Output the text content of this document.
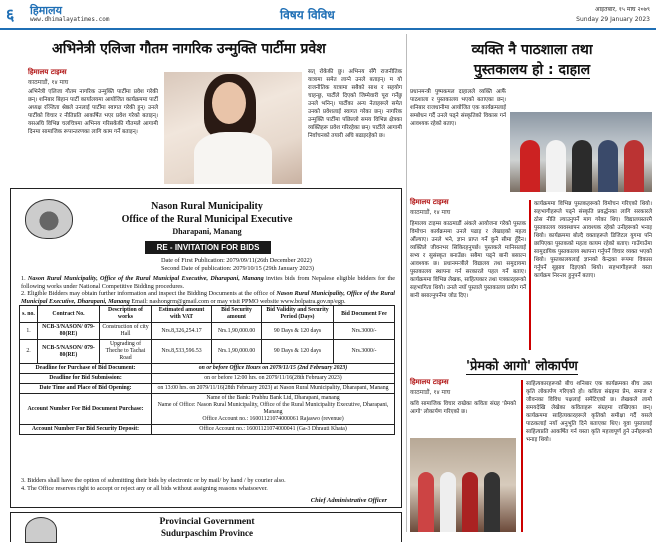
६ हिमालय
www.dhimalayatimes.com	विषय विविध	आइतबार, १५ माघ २०७९
Sunday 29 January 2023
अभिनेत्री एलिजा गौतम नागरिक उन्मुक्ति पार्टीमा प्रवेश
हिमालय टाइम्स
काठमाडौं, १४ माघ
अभिनेत्री एलिजा गौतम नागरिक उन्मुक्ति पार्टीमा प्रवेश गरेकी छन्। शनिबार बिहान पार्टी कार्यालयमा आयोजित कार्यक्रममा पार्टी अध्यक्ष रञ्जिता श्रेष्ठले उनलाई पार्टीमा स्वागत गरेकी हुन्। उनले पार्टीको विचार र नीतिप्रति आकर्षित भएर प्रवेश गरेको बताइन्। यसअघि विभिन्न चलचित्रमा अभिनय गरिसकेकी गौतमले आगामी दिनमा सामाजिक रूपान्तरणका लागि काम गर्ने बताइन्।
सत् रोकेकी छु। अभिनय सँगै राजनीतिक यात्रामा समेत लाग्ने उनले बताइन्। म यो राजनीतिक यात्रामा सबैको साथ र सहयोग चाहन्छु, पार्टीले दिएको जिम्मेवारी पूरा गर्नेछु उनले भनिन्। पार्टीका अन्य नेताहरूले समेत उनको प्रवेशलाई स्वागत गरेका छन्। नागरिक उन्मुक्ति पार्टीमा पछिल्लो समय विभिन्न क्षेत्रका व्यक्तिहरू प्रवेश गरिरहेका छन्। पार्टीले आगामी निर्वाचनको तयारी अघि बढाइरहेको छ।
Nason Rural Municipality
Office of the Rural Municipal Executive
Dharapani, Manang
RE - INVITATION FOR BIDS
Date of First Publication: 2079/09/11(26th December 2022)
Second Date of publication: 2079/10/15 (29th January 2023)
1. Nason Rural Municipality, Office of the Rural Municipal Executive, Dharapani, Manang invites bids from Nepalese eligible bidders for the following works under National Competitive Bidding procedures.
2. Eligible Bidders may obtain further information and inspect the Bidding Documents at the office of Nason Rural Municipality, Office of the Rural Municipal Executive, Dharapani, Manang Email: nashongrm@gmail.com or may visit PPMO website www.bolpatra.gov.np/egp.
s. no.	Contract No.	Description of works	Estimated amount with VAT	Bid Security amount	Bid Validity and Security Period (Days)	Bid Document Fee
1.	NCB-3/NASON/ 079-80(RE)	Construction of city Hall	Nrs.8,326,254.17	Nrs.1,90,000.00	90 Days & 120 days	Nrs.3000/-
2.	NCB-5/NASON/ 079-80(RE)	Upgrading of Theche to Tachai Road	Nrs.8,533,596.53	Nrs.1,90,000.00	90 Days & 120 days	Nrs.3000/-
Deadline for Purchase of Bid Document:			on or before Office Hours on 2079/11/15 (2nd February 2023)			
Deadline for Bid Submission:			on or before 12:00 hrs. on 2079/11/16(28th February 2023)			
Date Time and Place of Bid Opening:			on 13:00 hrs. on 2079/11/16(28th February 2023) at Nason Rural Municipality, Dharapani, Manang			
Account Number For Bid Document Purchase:			Name of the Bank: Prabhu Bank Ltd, Dharapani, manang
Name of Office: Nason Rural Municipality, Office of the Rural Municipality Executive, Dharapani, Manang
Office Account no.: 16001121074000061 Rajaswo (revenue)			

Account Number For Bid Security Deposit:			Office Account no.: 16001121074000041 (Ga-3 Dhrauti Khata)			
3. Bidders shall have the option of submitting their bids by electronic or by mail/ by hand / by courier also.
4. The Office reserves right to accept or reject any or all bids without assigning reasons whatsoever.
Chief Administrative Officer
Provincial Government
Sudurpaschim Province
व्यक्ति नै पाठशाला तथा
पुस्तकालय हो : दाहाल
प्रधानमन्त्री पुष्पकमल दाहालले व्यक्ति आफैं पाठशाला र पुस्तकालय भएको बताएका छन्। शनिबार राजधानीमा आयोजित एक कार्यक्रमलाई सम्बोधन गर्दै उनले पढ्ने संस्कृतिको विकास गर्न आवश्यक रहेको बताए।
हिमालय टाइम्स
काठमाडौं, १४ माघ
हिमालय टाइम्स काठमाडौं अंकले आयोजना गरेको पुस्तक विमोचन कार्यक्रममा उनले पढाइ र लेखाइको महत्व औंल्याए। उनले भने, ज्ञान प्राप्त गर्ने कुनै सीमा हुँदैन। व्यक्तिले जीवनभर सिकिरहनुपर्छ। पुस्तकले मानिसलाई सभ्य र सुसंस्कृत बनाउँछ। सबैमा पढ्ने बानी बसाल्न आवश्यक छ। प्रधानमन्त्रीले विद्यालय तथा समुदायमा पुस्तकालय स्थापना गर्न सरकारले पहल गर्ने बताए। कार्यक्रममा विभिन्न लेखक, साहित्यकार तथा पत्रकारहरूको सहभागिता थियो। उनले नयाँ पुस्ताले पुस्तकालय प्रयोग गर्ने बानी बसाल्नुपर्नेमा जोड दिए।
कार्यक्रममा विभिन्न पुस्तकहरूको विमोचन गरिएको थियो। सहभागीहरूले पढ्ने संस्कृति प्रवर्द्धनका लागि सरकारले ठोस नीति ल्याउनुपर्ने माग गरेका थिए। विद्यालयस्तरमै पुस्तकालय व्यवस्थापन आवश्यक रहेको उनीहरूको भनाइ थियो। कार्यक्रममा बोल्दै वक्ताहरूले डिजिटल युगमा पनि छापिएका पुस्तकको महत्व कायम रहेको बताए। गाउँगाउँमा सामुदायिक पुस्तकालय स्थापना गर्नुपर्ने विचार व्यक्त भएको थियो। पुस्तकालयलाई ज्ञानको केन्द्रका रूपमा विकास गर्नुपर्ने सुझाव दिइएको थियो। सहभागीहरूले यस्ता कार्यक्रम निरन्तर हुनुपर्ने बताए।
'प्रेमको आगो' लोकार्पण
हिमालय टाइम्स
काठमाडौं, १४ माघ
कवि सामाजिक विचार राखेका कविता संग्रह 'प्रेमको आगो' लोकार्पण गरिएको छ।
साहित्यकारहरूको बीच शनिबार एक कार्यक्रमका बीच उक्त कृति लोकार्पण गरिएको हो। कविता संग्रहमा प्रेम, समाज र जीवनका विविध पक्षलाई समेटिएको छ। लेखकले लामो समयदेखि लेखेका कविताहरू संग्रहमा राखिएका छन्। कार्यक्रममा साहित्यकारहरूले कृतिको समीक्षा गर्दै यसले पाठकलाई नयाँ अनुभूति दिने बताएका थिए। युवा पुस्तालाई साहित्यप्रति आकर्षित गर्न यस्ता कृति महत्त्वपूर्ण हुने उनीहरूको भनाइ थियो।
